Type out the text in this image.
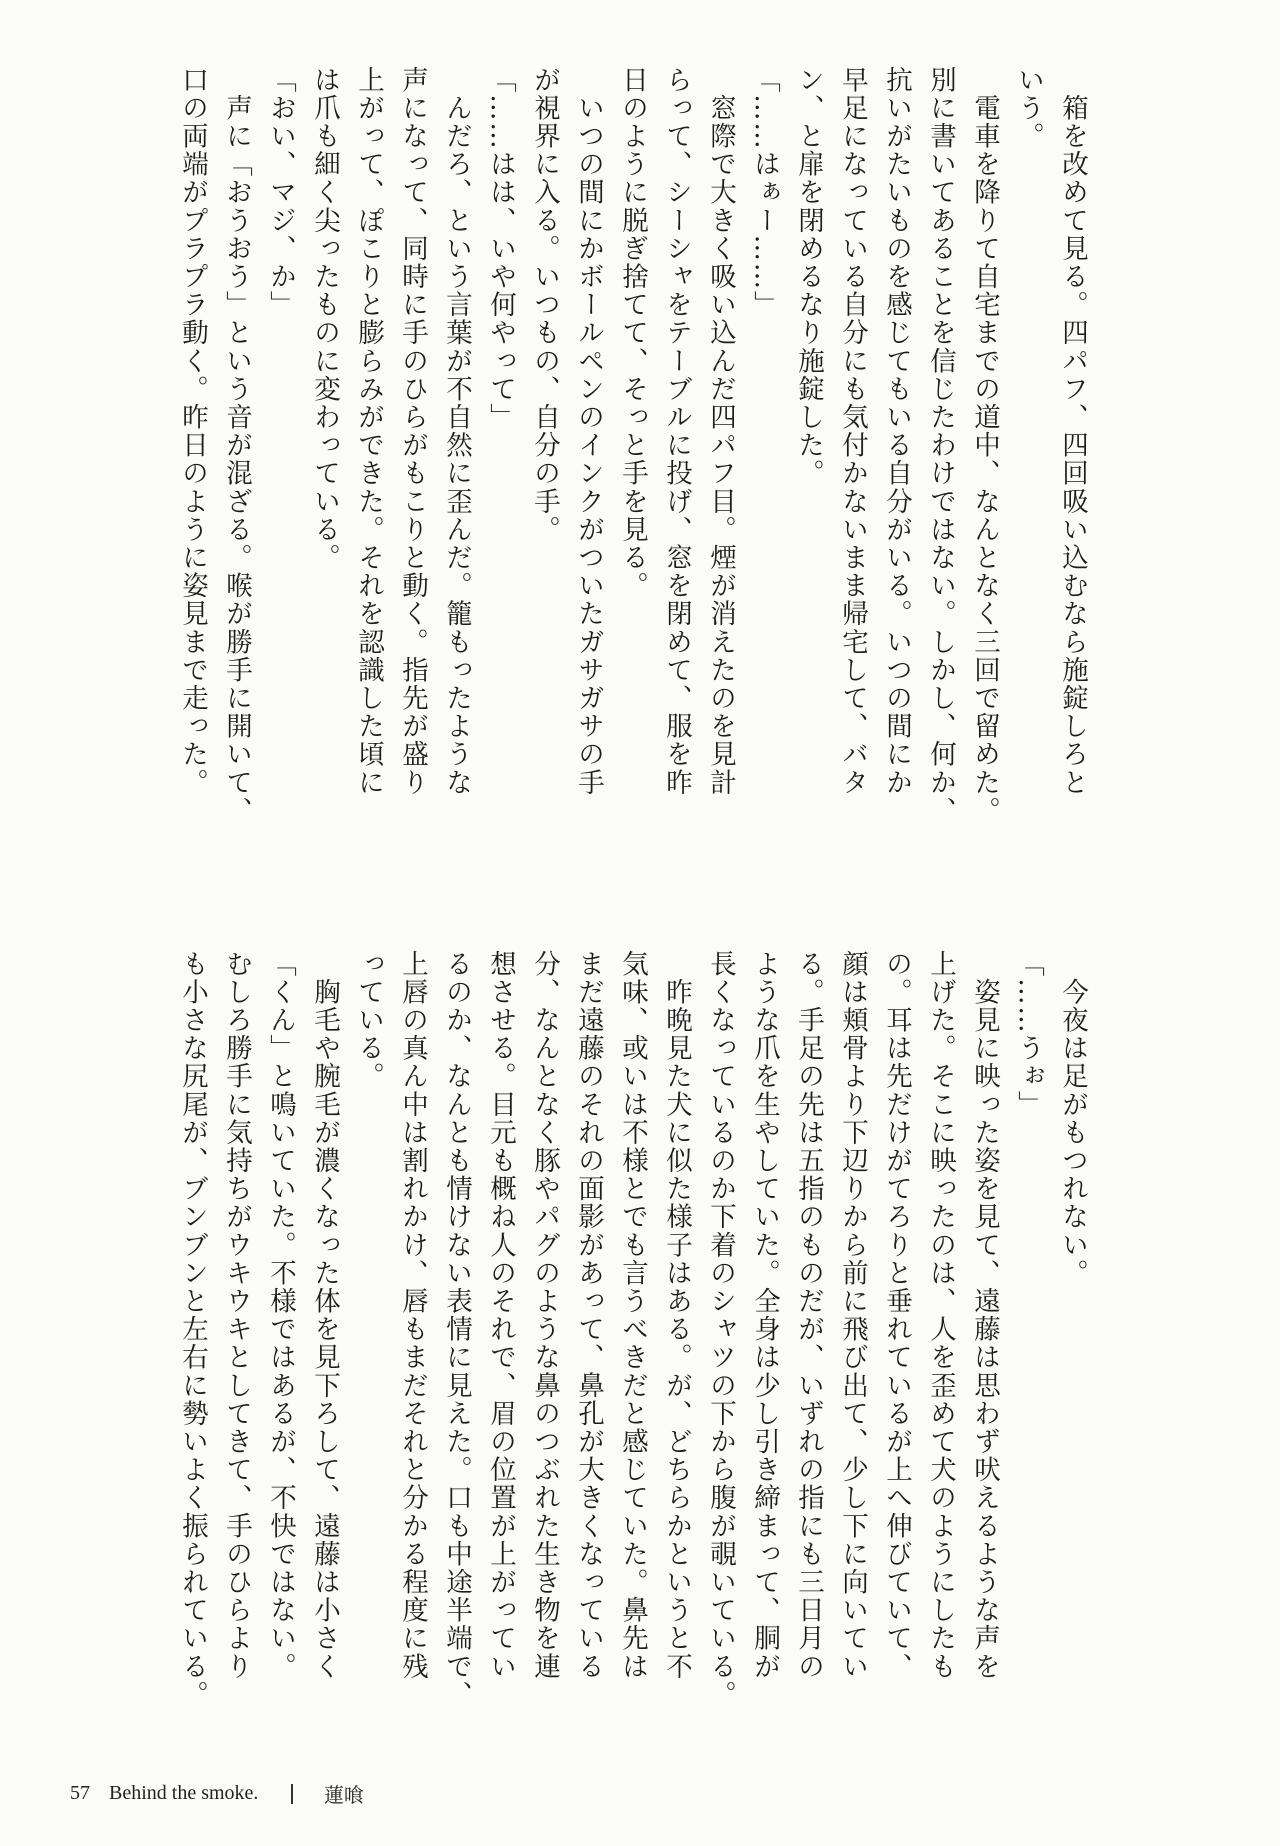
　箱を改めて見る。四パフ、四回吸い込むなら施錠しろと

いう。

　電車を降りて自宅までの道中、なんとなく三回で留めた。

別に書いてあることを信じたわけではない。しかし、何か、

抗いがたいものを感じてもいる自分がいる。いつの間にか

早足になっている自分にも気付かないまま帰宅して、バタ

ン、と扉を閉めるなり施錠した。

「……はぁー……」

　窓際で大きく吸い込んだ四パフ目。煙が消えたのを見計

らって、シーシャをテーブルに投げ、窓を閉めて、服を昨

日のように脱ぎ捨てて、そっと手を見る。

　いつの間にかボールペンのインクがついたガサガサの手

が視界に入る。いつもの、自分の手。

「……はは、いや何やって」

　んだろ、という言葉が不自然に歪んだ。籠もったような

声になって、同時に手のひらがもこりと動く。指先が盛り

上がって、ぽこりと膨らみができた。それを認識した頃に

は爪も細く尖ったものに変わっている。

「おい、マジ、か」

　声に「おうおう」という音が混ざる。喉が勝手に開いて、

口の両端がプラプラ動く。昨日のように姿見まで走った。

　今夜は足がもつれない。

「……うぉ」

　姿見に映った姿を見て、遠藤は思わず吠えるような声を

上げた。そこに映ったのは、人を歪めて犬のようにしたも

の。耳は先だけがてろりと垂れているが上へ伸びていて、

顔は頬骨より下辺りから前に飛び出て、少し下に向いてい

る。手足の先は五指のものだが、いずれの指にも三日月の

ような爪を生やしていた。全身は少し引き締まって、胴が

長くなっているのか下着のシャツの下から腹が覗いている。

　昨晩見た犬に似た様子はある。が、どちらかというと不

気味、或いは不様とでも言うべきだと感じていた。鼻先は

まだ遠藤のそれの面影があって、鼻孔が大きくなっている

分、なんとなく豚やパグのような鼻のつぶれた生き物を連

想させる。目元も概ね人のそれで、眉の位置が上がってい

るのか、なんとも情けない表情に見えた。口も中途半端で、

上唇の真ん中は割れかけ、唇もまだそれと分かる程度に残

っている。

　胸毛や腕毛が濃くなった体を見下ろして、遠藤は小さく

「くん」と鳴いていた。不様ではあるが、不快ではない。

むしろ勝手に気持ちがウキウキとしてきて、手のひらより

も小さな尻尾が、ブンブンと左右に勢いよく振られている。

57 Behind the smoke.	蓮喰
